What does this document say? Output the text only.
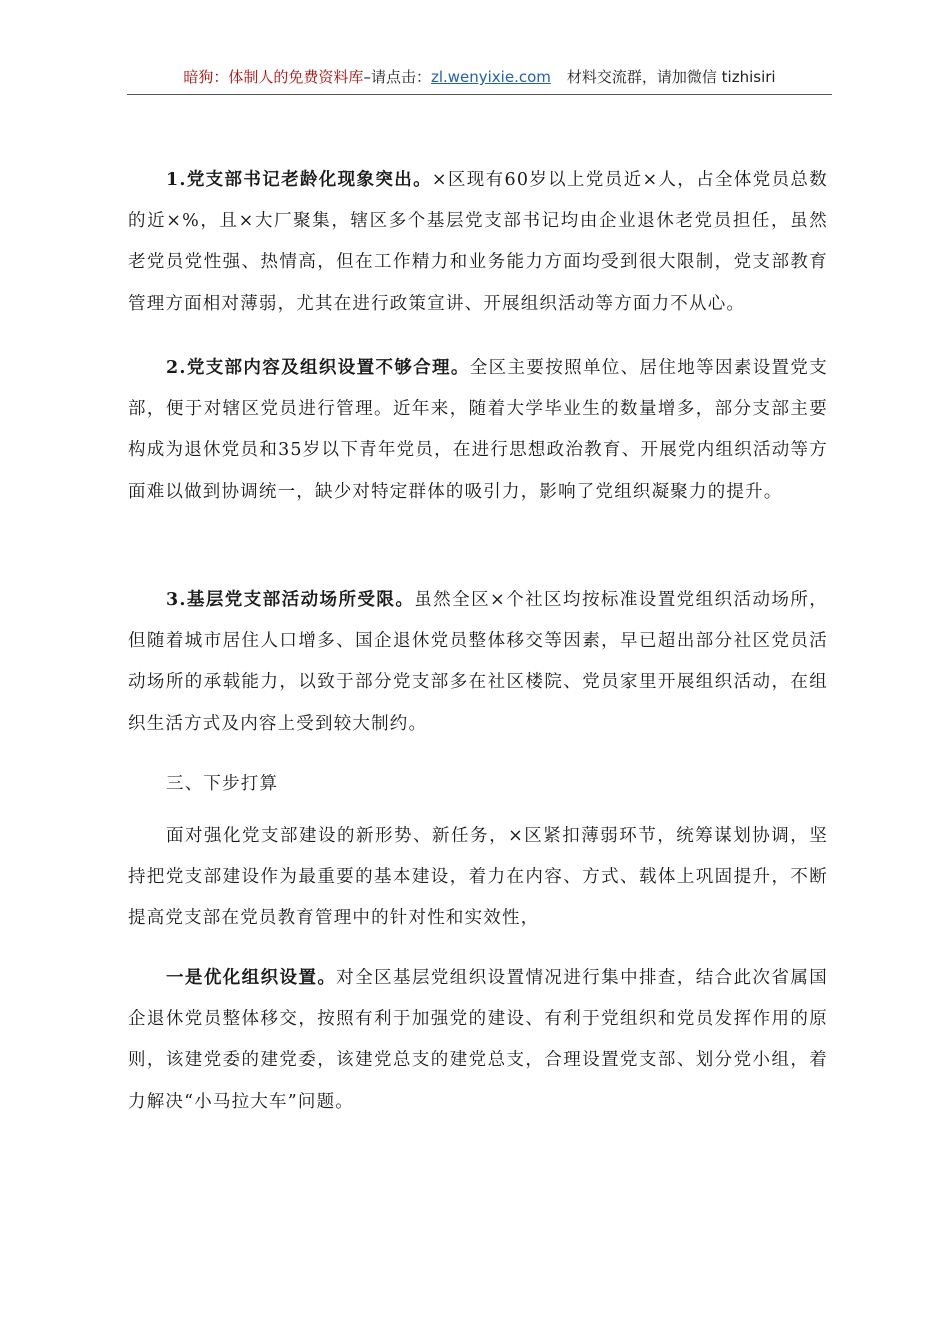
暗狗：体制人的免费资料库–请点击：zl.wenyixie.com 材料交流群，请加微信 tizhisiri

1.党支部书记老龄化现象突出。×区现有60岁以上党员近×人，占全体党员总数的近×%，且×大厂聚集，辖区多个基层党支部书记均由企业退休老党员担任，虽然老党员党性强、热情高，但在工作精力和业务能力方面均受到很大限制，党支部教育管理方面相对薄弱，尤其在进行政策宣讲、开展组织活动等方面力不从心。

2.党支部内容及组织设置不够合理。全区主要按照单位、居住地等因素设置党支部，便于对辖区党员进行管理。近年来，随着大学毕业生的数量增多，部分支部主要构成为退休党员和35岁以下青年党员，在进行思想政治教育、开展党内组织活动等方面难以做到协调统一，缺少对特定群体的吸引力，影响了党组织凝聚力的提升。

3.基层党支部活动场所受限。虽然全区×个社区均按标准设置党组织活动场所，但随着城市居住人口增多、国企退休党员整体移交等因素，早已超出部分社区党员活动场所的承载能力，以致于部分党支部多在社区楼院、党员家里开展组织活动，在组织生活方式及内容上受到较大制约。

三、下步打算

面对强化党支部建设的新形势、新任务，×区紧扣薄弱环节，统筹谋划协调，坚持把党支部建设作为最重要的基本建设，着力在内容、方式、载体上巩固提升，不断提高党支部在党员教育管理中的针对性和实效性，

一是优化组织设置。对全区基层党组织设置情况进行集中排查，结合此次省属国企退休党员整体移交，按照有利于加强党的建设、有利于党组织和党员发挥作用的原则，该建党委的建党委，该建党总支的建党总支，合理设置党支部、划分党小组，着力解决“小马拉大车”问题。
